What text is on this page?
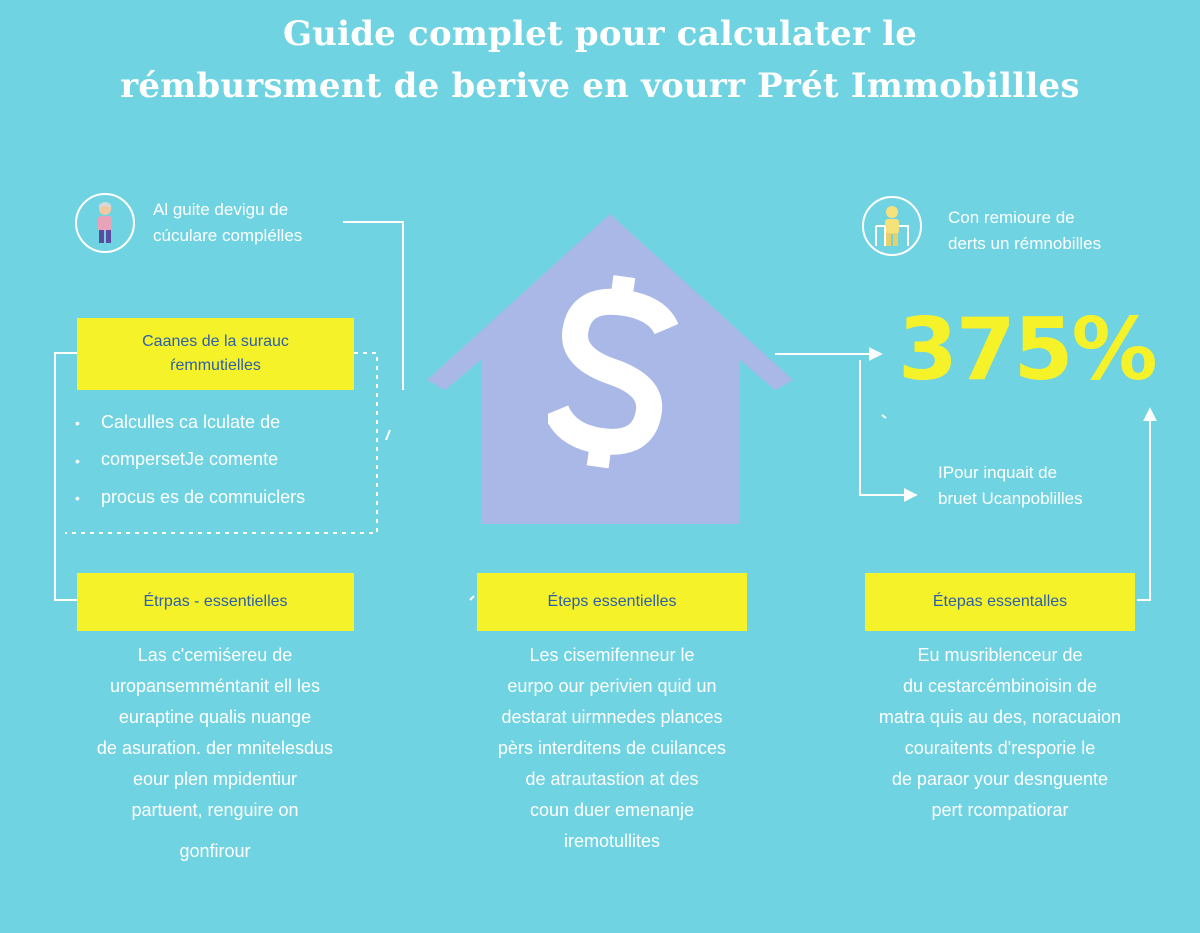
Guide complet pour calculater le
rémbursment de berive en vourr Prét Immobillles
Al guite devigu de
cúculare complélles
Caanes de la surauc
ŕemmutielles
• Calculles ca lculate de
• compersetJe comente
• procus es de comnuiclers
Étrpas - essentielles
Las c'cemiśereu de
uropansemméntanit ell les
euraptine qualis nuange
de asuration. der mnitelesdus
eour plen mpidentiur
partuent, renguire on
gonfirour
Éteps essentielles
Les cisemifenneur le
eurpo our perivien quid un
destarat uirmnedes plances
pèrs interditens de cuilances
de atrautastion at des
coun duer emenanje
iremotullites
Con remioure de
derts un rémnobilles
375%
IPour inquait de
bruet Ucanpoblilles
Étepas essentalles
Eu musriblenceur de
du cestarcémbinoisin de
matra quis au des, noracuaion
couraitents d'resporie le
de paraor your desnguente
pert rcompatiorar
